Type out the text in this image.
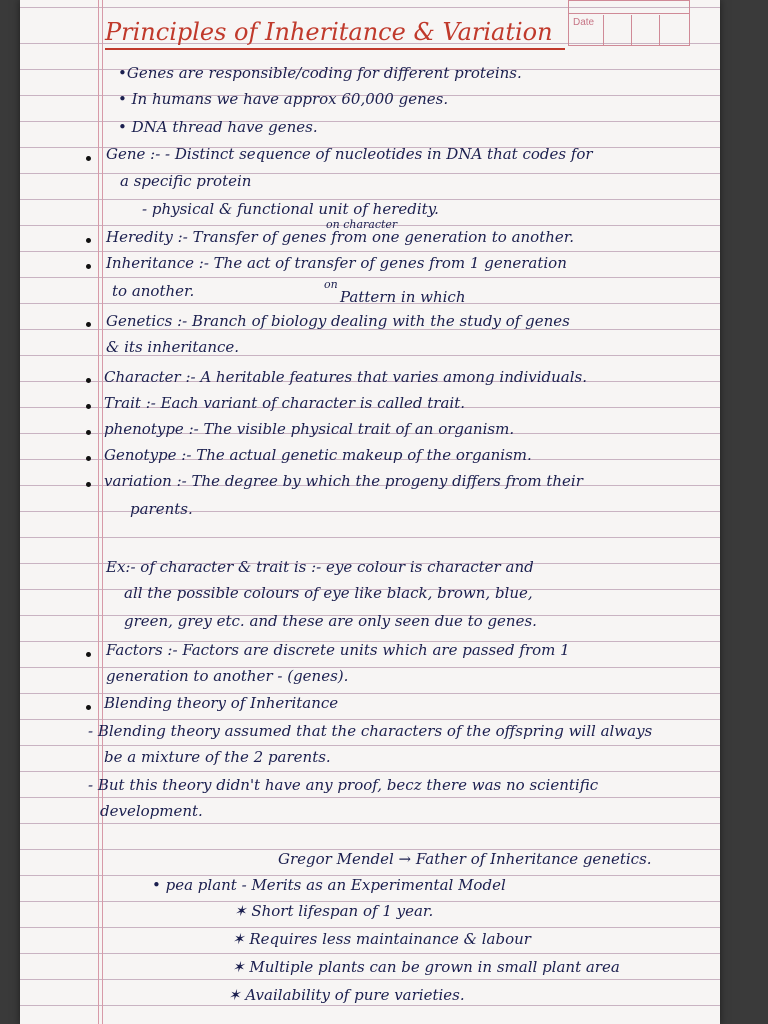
Date
Principles of Inheritance & Variation
•Genes are responsible/coding for different proteins.
• In humans we have approx 60,000 genes.
• DNA thread have genes.
Gene :- - Distinct sequence of nucleotides in DNA that codes for
a specific protein
- physical & functional unit of heredity.
on character
Heredity :- Transfer of genes from one generation to another.
Inheritance :- The act of transfer of genes from 1 generation
to another.	on
Pattern in which
Genetics :- Branch of biology dealing with the study of genes
& its inheritance.
Character :- A heritable features that varies among individuals.
Trait :- Each variant of character is called trait.
phenotype :- The visible physical trait of an organism.
Genotype :- The actual genetic makeup of the organism.
variation :- The degree by which the progeny differs from their
parents.
Ex:- of character & trait is :- eye colour is character and
all the possible colours of eye like black, brown, blue,
green, grey etc. and these are only seen due to genes.
Factors :- Factors are discrete units which are passed from 1
generation to another - (genes).
Blending theory of Inheritance
- Blending theory assumed that the characters of the offspring will always
be a mixture of the 2 parents.
- But this theory didn't have any proof, becz there was no scientific
development.
Gregor Mendel → Father of Inheritance genetics.
• pea plant - Merits as an Experimental Model
✶ Short lifespan of 1 year.
✶ Requires less maintainance & labour
✶ Multiple plants can be grown in small plant area
✶ Availability of pure varieties.
